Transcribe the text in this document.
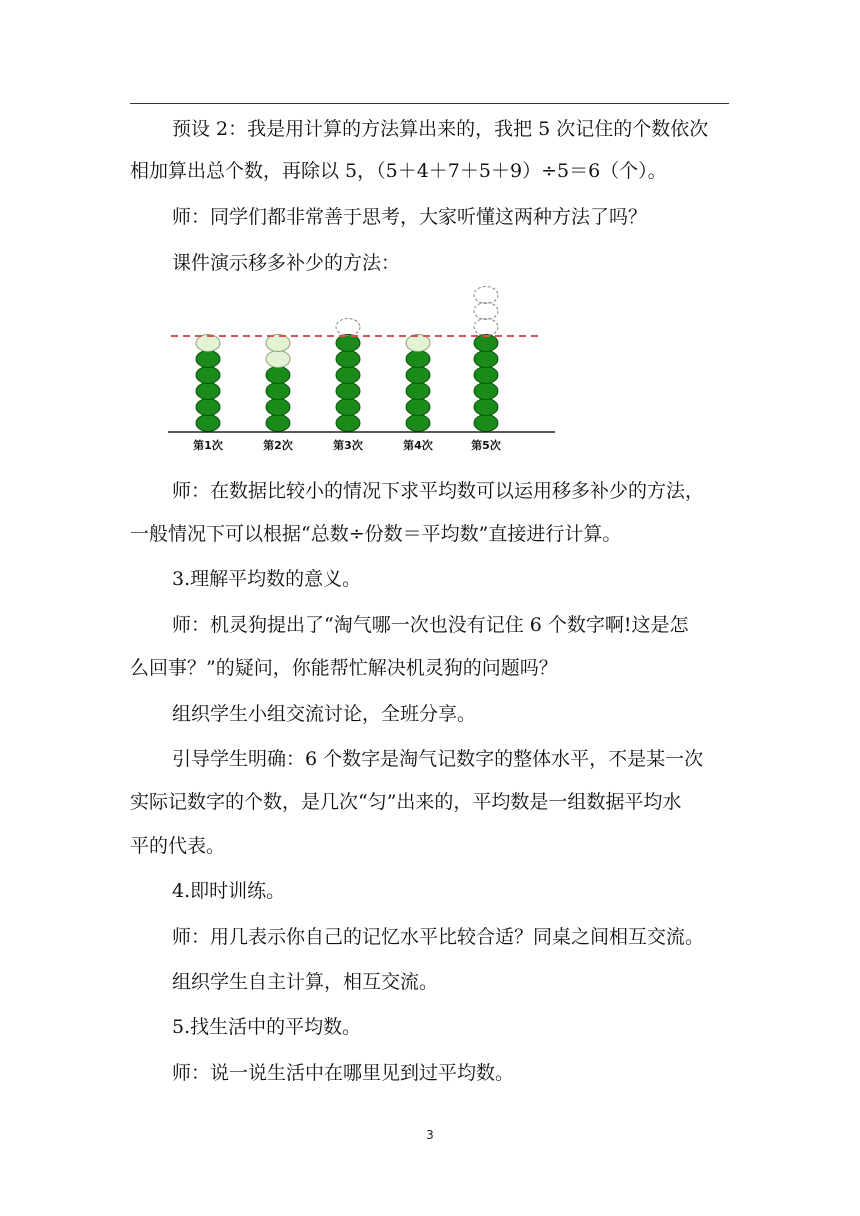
预设 2：我是用计算的方法算出来的，我把 5 次记住的个数依次

相加算出总个数，再除以 5，（5＋4＋7＋5＋9）÷5＝6（个）。

师：同学们都非常善于思考，大家听懂这两种方法了吗？

课件演示移多补少的方法：

第1次	第2次	第3次	第4次	第5次

师：在数据比较小的情况下求平均数可以运用移多补少的方法，

一般情况下可以根据“总数÷份数＝平均数”直接进行计算。

3.理解平均数的意义。

师：机灵狗提出了“淘气哪一次也没有记住 6 个数字啊!这是怎

么回事？”的疑问，你能帮忙解决机灵狗的问题吗？

组织学生小组交流讨论，全班分享。

引导学生明确：6 个数字是淘气记数字的整体水平，不是某一次

实际记数字的个数，是几次“匀”出来的，平均数是一组数据平均水

平的代表。

4.即时训练。

师：用几表示你自己的记忆水平比较合适？同桌之间相互交流。

组织学生自主计算，相互交流。

5.找生活中的平均数。

师：说一说生活中在哪里见到过平均数。

3
